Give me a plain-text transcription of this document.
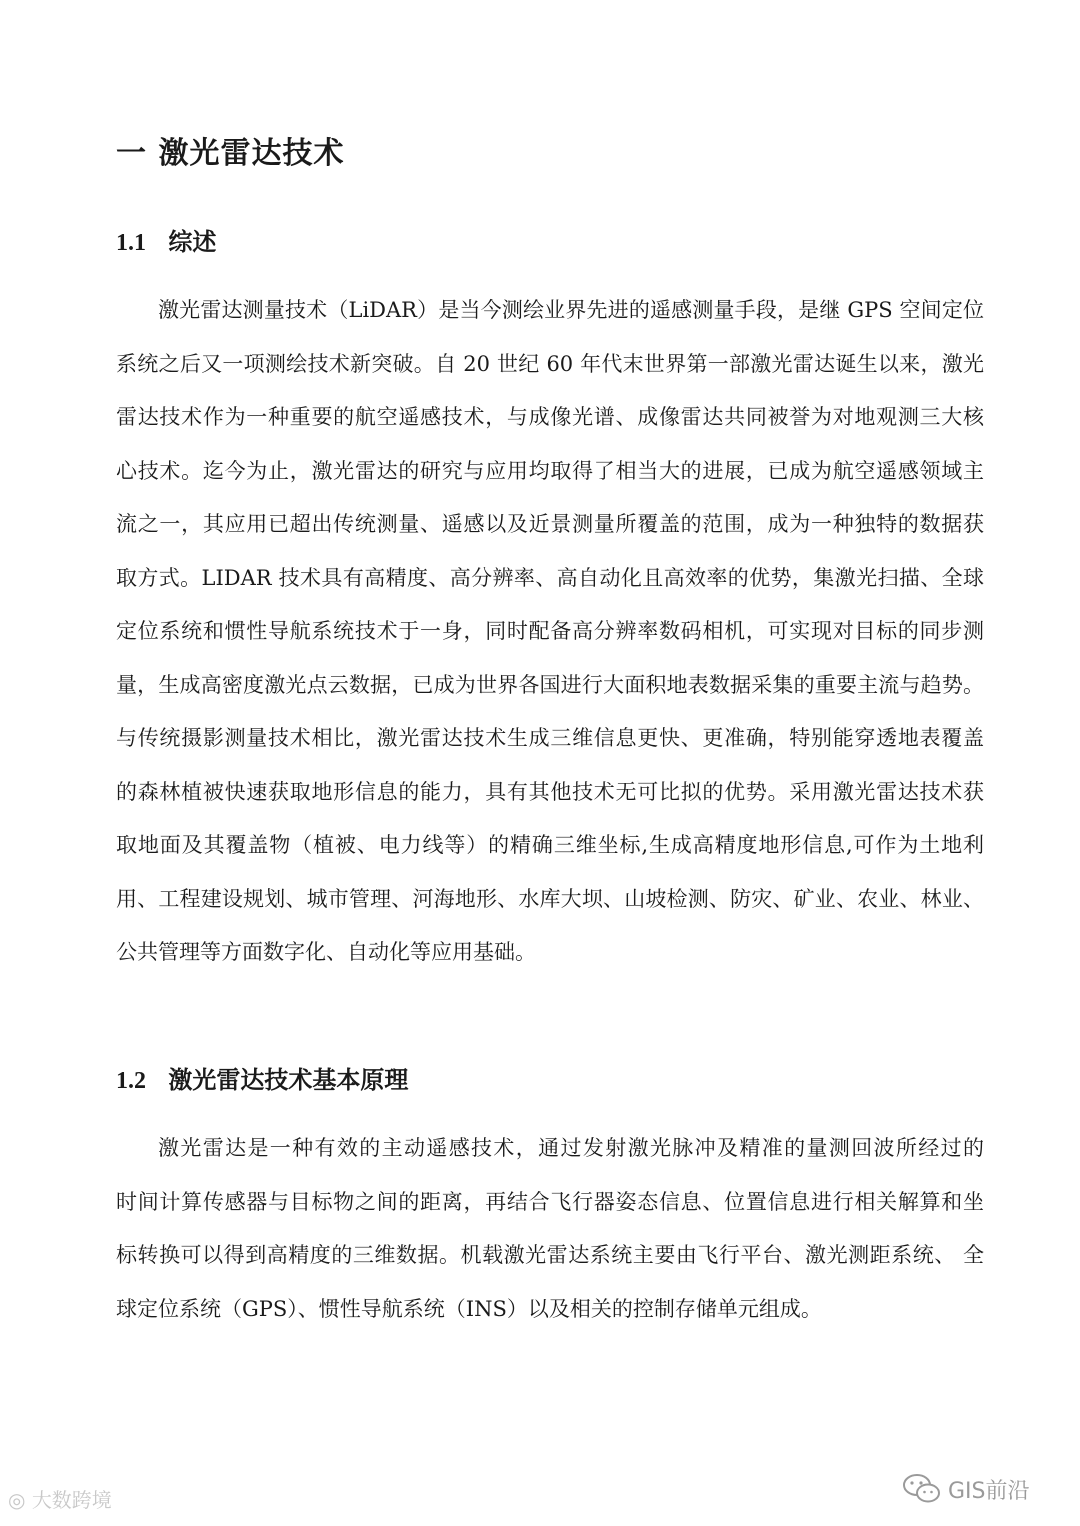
一 激光雷达技术
1.1 综述
激光雷达测量技术（LiDAR）是当今测绘业界先进的遥感测量手段，是继 GPS 空间定位
系统之后又一项测绘技术新突破。自 20 世纪 60 年代末世界第一部激光雷达诞生以来，激光
雷达技术作为一种重要的航空遥感技术，与成像光谱、成像雷达共同被誉为对地观测三大核
心技术。迄今为止，激光雷达的研究与应用均取得了相当大的进展，已成为航空遥感领域主
流之一，其应用已超出传统测量、遥感以及近景测量所覆盖的范围，成为一种独特的数据获
取方式。LIDAR 技术具有高精度、高分辨率、高自动化且高效率的优势，集激光扫描、全球
定位系统和惯性导航系统技术于一身，同时配备高分辨率数码相机，可实现对目标的同步测
量，生成高密度激光点云数据，已成为世界各国进行大面积地表数据采集的重要主流与趋势。
与传统摄影测量技术相比，激光雷达技术生成三维信息更快、更准确，特别能穿透地表覆盖
的森林植被快速获取地形信息的能力，具有其他技术无可比拟的优势。采用激光雷达技术获
取地面及其覆盖物（植被、电力线等）的精确三维坐标,生成高精度地形信息,可作为土地利
用、工程建设规划、城市管理、河海地形、水库大坝、山坡检测、防灾、矿业、农业、林业、
公共管理等方面数字化、自动化等应用基础。
1.2 激光雷达技术基本原理
激光雷达是一种有效的主动遥感技术，通过发射激光脉冲及精准的量测回波所经过的
时间计算传感器与目标物之间的距离，再结合飞行器姿态信息、位置信息进行相关解算和坐
标转换可以得到高精度的三维数据。机载激光雷达系统主要由飞行平台、激光测距系统、 全
球定位系统（GPS）、惯性导航系统（INS）以及相关的控制存储单元组成。
◎ 大数跨境	GIS前沿
